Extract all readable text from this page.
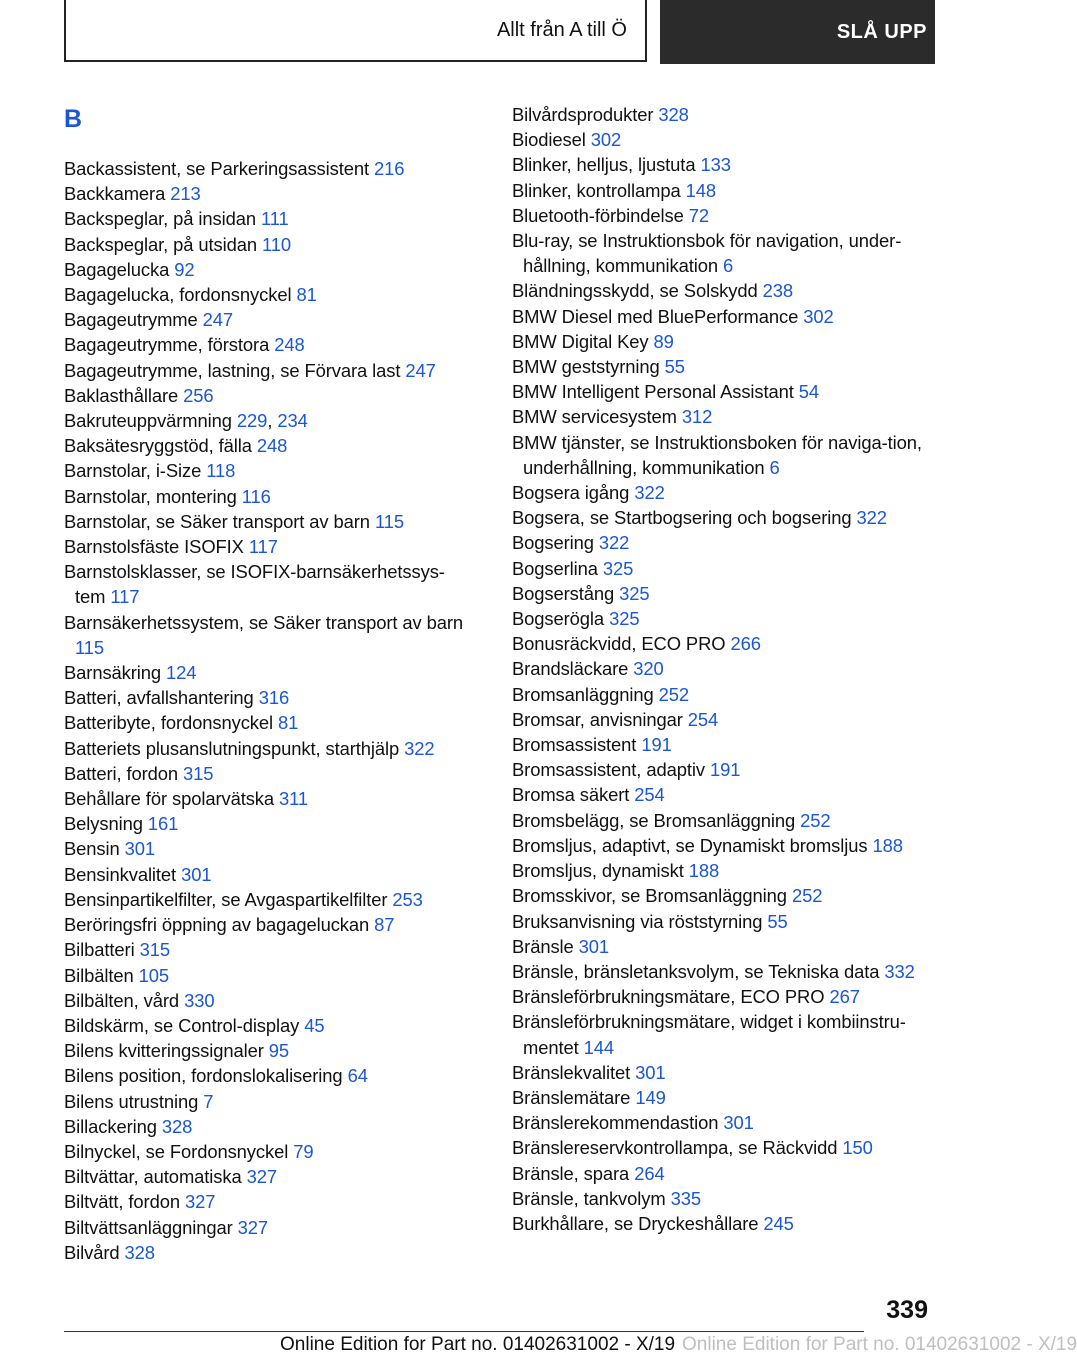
Allt från A till Ö	SLÅ UPP
B
Backassistent, se Parkeringsassistent 216
Backkamera 213
Backspeglar, på insidan 111
Backspeglar, på utsidan 110
Bagagelucka 92
Bagagelucka, fordonsnyckel 81
Bagageutrymme 247
Bagageutrymme, förstora 248
Bagageutrymme, lastning, se Förvara last 247
Baklasthållare 256
Bakruteuppvärmning 229, 234
Baksätesryggstöd, fälla 248
Barnstolar, i-Size 118
Barnstolar, montering 116
Barnstolar, se Säker transport av barn 115
Barnstolsfäste ISOFIX 117
Barnstolsklasser, se ISOFIX-barnsäkerhetssys-tem 117
Barnsäkerhetssystem, se Säker transport av barn 115
Barnsäkring 124
Batteri, avfallshantering 316
Batteribyte, fordonsnyckel 81
Batteriets plusanslutningspunkt, starthjälp 322
Batteri, fordon 315
Behållare för spolarvätska 311
Belysning 161
Bensin 301
Bensinkvalitet 301
Bensinpartikelfilter, se Avgaspartikelfilter 253
Beröringsfri öppning av bagageluckan 87
Bilbatteri 315
Bilbälten 105
Bilbälten, vård 330
Bildskärm, se Control-display 45
Bilens kvitteringssignaler 95
Bilens position, fordonslokalisering 64
Bilens utrustning 7
Billackering 328
Bilnyckel, se Fordonsnyckel 79
Biltvättar, automatiska 327
Biltvätt, fordon 327
Biltvättsanläggningar 327
Bilvård 328
Bilvårdsprodukter 328
Biodiesel 302
Blinker, helljus, ljustuta 133
Blinker, kontrollampa 148
Bluetooth-förbindelse 72
Blu-ray, se Instruktionsbok för navigation, under-hållning, kommunikation 6
Bländningsskydd, se Solskydd 238
BMW Diesel med BluePerformance 302
BMW Digital Key 89
BMW geststyrning 55
BMW Intelligent Personal Assistant 54
BMW servicesystem 312
BMW tjänster, se Instruktionsboken för naviga-tion, underhållning, kommunikation 6
Bogsera igång 322
Bogsera, se Startbogsering och bogsering 322
Bogsering 322
Bogserlina 325
Bogserstång 325
Bogserögla 325
Bonusräckvidd, ECO PRO 266
Brandsläckare 320
Bromsanläggning 252
Bromsar, anvisningar 254
Bromsassistent 191
Bromsassistent, adaptiv 191
Bromsa säkert 254
Bromsbelägg, se Bromsanläggning 252
Bromsljus, adaptivt, se Dynamiskt bromsljus 188
Bromsljus, dynamiskt 188
Bromsskivor, se Bromsanläggning 252
Bruksanvisning via röststyrning 55
Bränsle 301
Bränsle, bränsletanksvolym, se Tekniska data 332
Bränsleförbrukningsmätare, ECO PRO 267
Bränsleförbrukningsmätare, widget i kombiinstru-mentet 144
Bränslekvalitet 301
Bränslemätare 149
Bränslerekommendastion 301
Bränslereservkontrollampa, se Räckvidd 150
Bränsle, spara 264
Bränsle, tankvolym 335
Burkhållare, se Dryckeshållare 245
339
Online Edition for Part no. 01402631002 - X/19 Online Edition for Part no. 01402631002 - X/19
